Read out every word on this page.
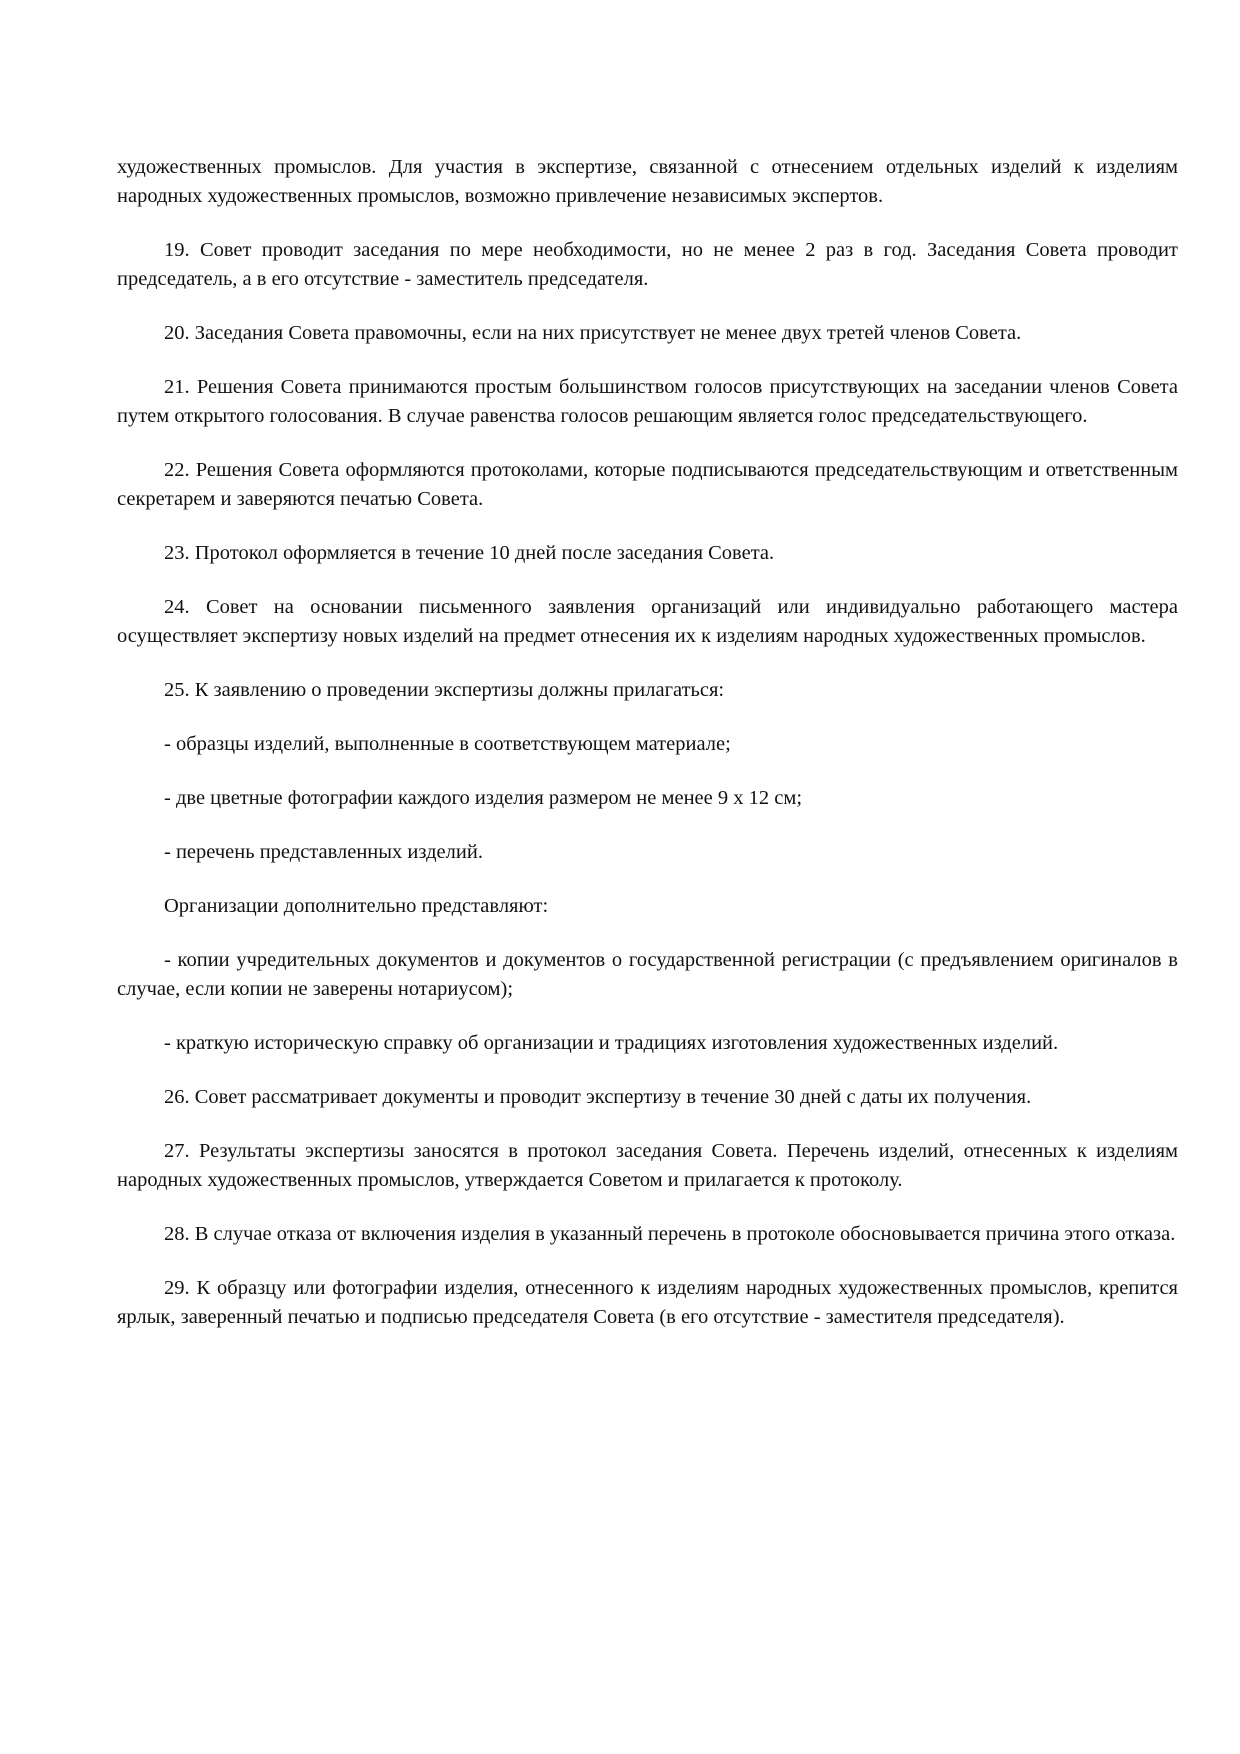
художественных промыслов. Для участия в экспертизе, связанной с отнесением отдельных изделий к изделиям народных художественных промыслов, возможно привлечение независимых экспертов.

19. Совет проводит заседания по мере необходимости, но не менее 2 раз в год. Заседания Совета проводит председатель, а в его отсутствие - заместитель председателя.

20. Заседания Совета правомочны, если на них присутствует не менее двух третей членов Совета.

21. Решения Совета принимаются простым большинством голосов присутствующих на заседании членов Совета путем открытого голосования. В случае равенства голосов решающим является голос председательствующего.

22. Решения Совета оформляются протоколами, которые подписываются председательствующим и ответственным секретарем и заверяются печатью Совета.

23. Протокол оформляется в течение 10 дней после заседания Совета.

24. Совет на основании письменного заявления организаций или индивидуально работающего мастера осуществляет экспертизу новых изделий на предмет отнесения их к изделиям народных художественных промыслов.

25. К заявлению о проведении экспертизы должны прилагаться:

- образцы изделий, выполненные в соответствующем материале;

- две цветные фотографии каждого изделия размером не менее 9 x 12 см;

- перечень представленных изделий.

Организации дополнительно представляют:

- копии учредительных документов и документов о государственной регистрации (с предъявлением оригиналов в случае, если копии не заверены нотариусом);

- краткую историческую справку об организации и традициях изготовления художественных изделий.

26. Совет рассматривает документы и проводит экспертизу в течение 30 дней с даты их получения.

27. Результаты экспертизы заносятся в протокол заседания Совета. Перечень изделий, отнесенных к изделиям народных художественных промыслов, утверждается Советом и прилагается к протоколу.

28. В случае отказа от включения изделия в указанный перечень в протоколе обосновывается причина этого отказа.

29. К образцу или фотографии изделия, отнесенного к изделиям народных художественных промыслов, крепится ярлык, заверенный печатью и подписью председателя Совета (в его отсутствие - заместителя председателя).
